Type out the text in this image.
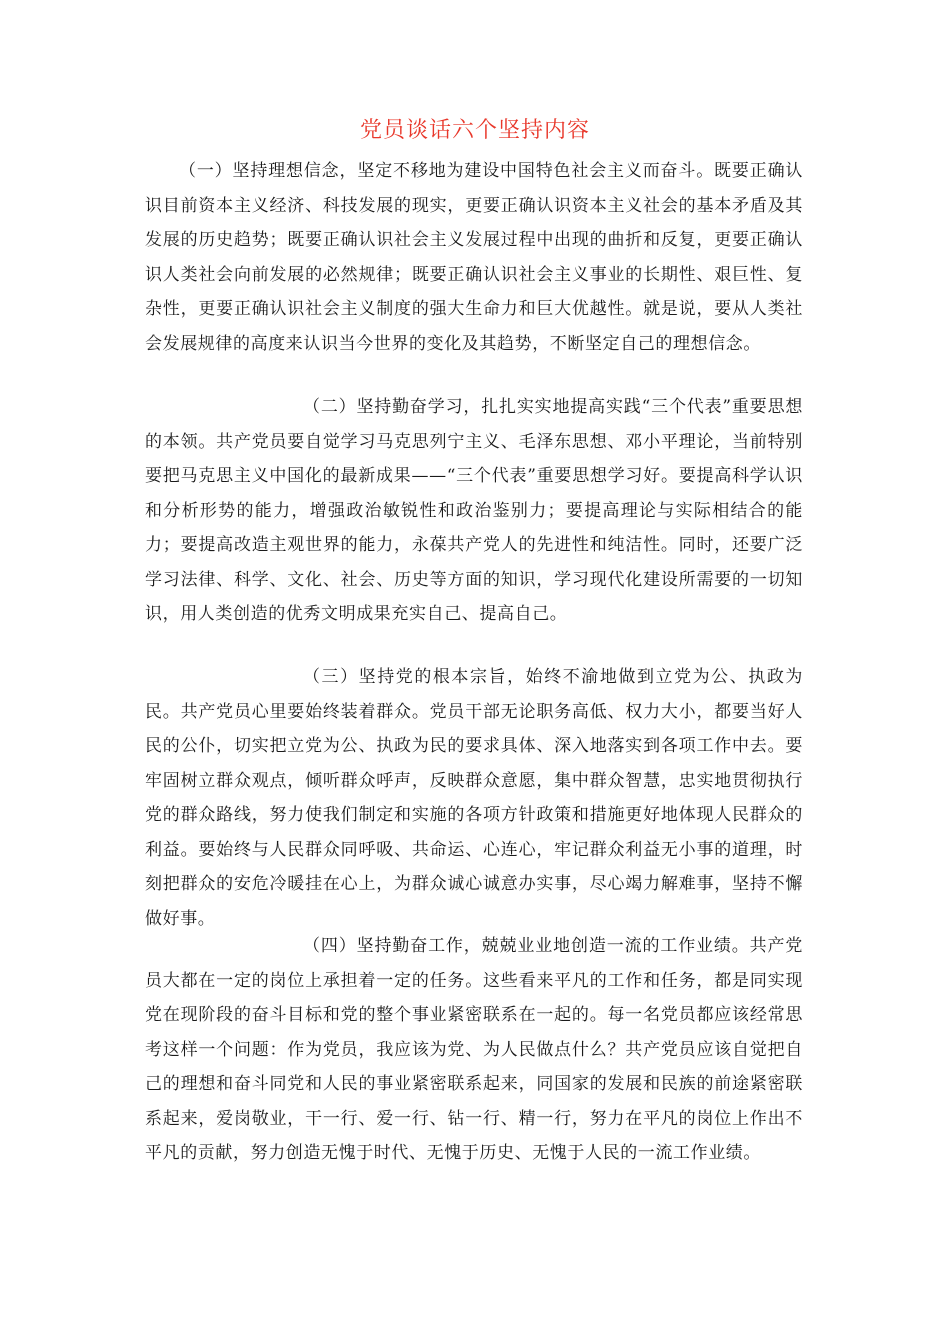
党员谈话六个坚持内容

（一）坚持理想信念，坚定不移地为建设中国特色社会主义而奋斗。既要正确认识目前资本主义经济、科技发展的现实，更要正确认识资本主义社会的基本矛盾及其发展的历史趋势；既要正确认识社会主义发展过程中出现的曲折和反复，更要正确认识人类社会向前发展的必然规律；既要正确认识社会主义事业的长期性、艰巨性、复杂性，更要正确认识社会主义制度的强大生命力和巨大优越性。就是说，要从人类社会发展规律的高度来认识当今世界的变化及其趋势，不断坚定自己的理想信念。

（二）坚持勤奋学习，扎扎实实地提高实践“三个代表”重要思想的本领。共产党员要自觉学习马克思列宁主义、毛泽东思想、邓小平理论，当前特别要把马克思主义中国化的最新成果——“三个代表”重要思想学习好。要提高科学认识和分析形势的能力，增强政治敏锐性和政治鉴别力；要提高理论与实际相结合的能力；要提高改造主观世界的能力，永葆共产党人的先进性和纯洁性。同时，还要广泛学习法律、科学、文化、社会、历史等方面的知识，学习现代化建设所需要的一切知识，用人类创造的优秀文明成果充实自己、提高自己。

（三）坚持党的根本宗旨，始终不渝地做到立党为公、执政为民。共产党员心里要始终装着群众。党员干部无论职务高低、权力大小，都要当好人民的公仆，切实把立党为公、执政为民的要求具体、深入地落实到各项工作中去。要牢固树立群众观点，倾听群众呼声，反映群众意愿，集中群众智慧，忠实地贯彻执行党的群众路线，努力使我们制定和实施的各项方针政策和措施更好地体现人民群众的利益。要始终与人民群众同呼吸、共命运、心连心，牢记群众利益无小事的道理，时刻把群众的安危冷暖挂在心上，为群众诚心诚意办实事，尽心竭力解难事，坚持不懈做好事。

（四）坚持勤奋工作，兢兢业业地创造一流的工作业绩。共产党员大都在一定的岗位上承担着一定的任务。这些看来平凡的工作和任务，都是同实现党在现阶段的奋斗目标和党的整个事业紧密联系在一起的。每一名党员都应该经常思考这样一个问题：作为党员，我应该为党、为人民做点什么？共产党员应该自觉把自己的理想和奋斗同党和人民的事业紧密联系起来，同国家的发展和民族的前途紧密联系起来，爱岗敬业，干一行、爱一行、钻一行、精一行，努力在平凡的岗位上作出不平凡的贡献，努力创造无愧于时代、无愧于历史、无愧于人民的一流工作业绩。
